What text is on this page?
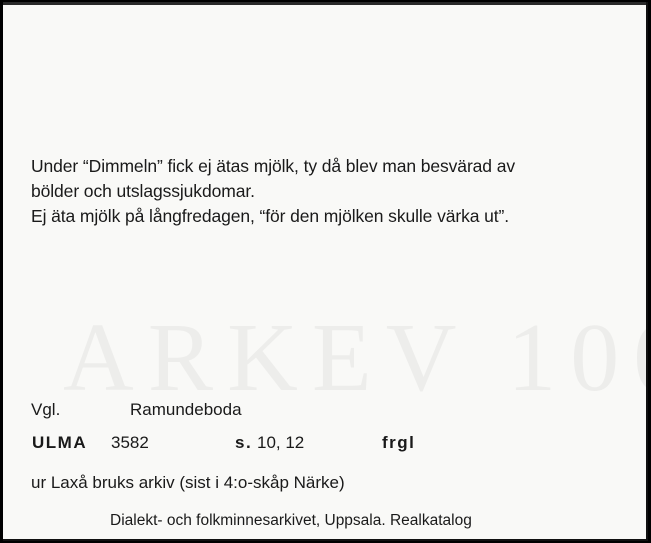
Under “Dimmeln” fick ej ätas mjölk, ty då blev man besvärad av
bölder och utslagssjukdomar.
Ej äta mjölk på långfredagen, “för den mjölken skulle värka ut”.
Vgl.	Ramundeboda
ULMA 3582	s. 10, 12	frgl
ur Laxå bruks arkiv (sist i 4:o-skåp Närke)
Dialekt- och folkminnesarkivet, Uppsala. Realkatalog
